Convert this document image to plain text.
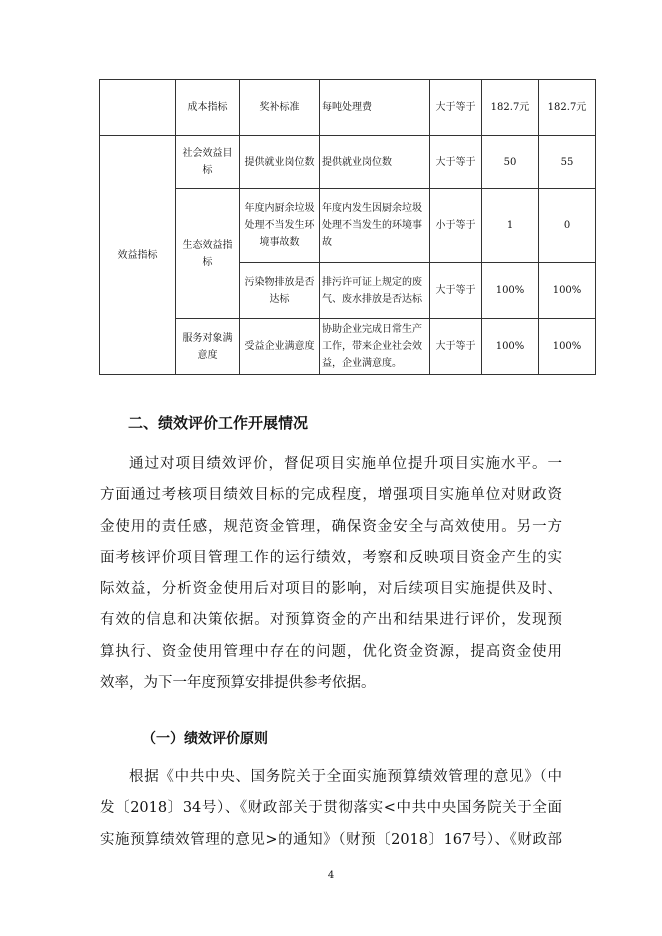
	成本指标	奖补标准	每吨处理费	大于等于	182.7元	182.7元
效益指标	社会效益目标	提供就业岗位数	提供就业岗位数	大于等于	50	55
	生态效益指标	年度内厨余垃圾处理不当发生环境事故数	年度内发生因厨余垃圾处理不当发生的环境事故	小于等于	1	0
		污染物排放是否达标	排污许可证上规定的废气、废水排放是否达标	大于等于	100%	100%
	服务对象满意度	受益企业满意度	协助企业完成日常生产工作，带来企业社会效益，企业满意度。	大于等于	100%	100%
二、绩效评价工作开展情况
通过对项目绩效评价，督促项目实施单位提升项目实施水平。一
方面通过考核项目绩效目标的完成程度，增强项目实施单位对财政资
金使用的责任感，规范资金管理，确保资金安全与高效使用。另一方
面考核评价项目管理工作的运行绩效，考察和反映项目资金产生的实
际效益，分析资金使用后对项目的影响，对后续项目实施提供及时、
有效的信息和决策依据。对预算资金的产出和结果进行评价，发现预
算执行、资金使用管理中存在的问题，优化资金资源，提高资金使用
效率，为下一年度预算安排提供参考依据。
（一）绩效评价原则
根据《中共中央、国务院关于全面实施预算绩效管理的意见》（中
发〔2018〕34号）、《财政部关于贯彻落实<中共中央国务院关于全面
实施预算绩效管理的意见>的通知》（财预〔2018〕167号）、《财政部
4
